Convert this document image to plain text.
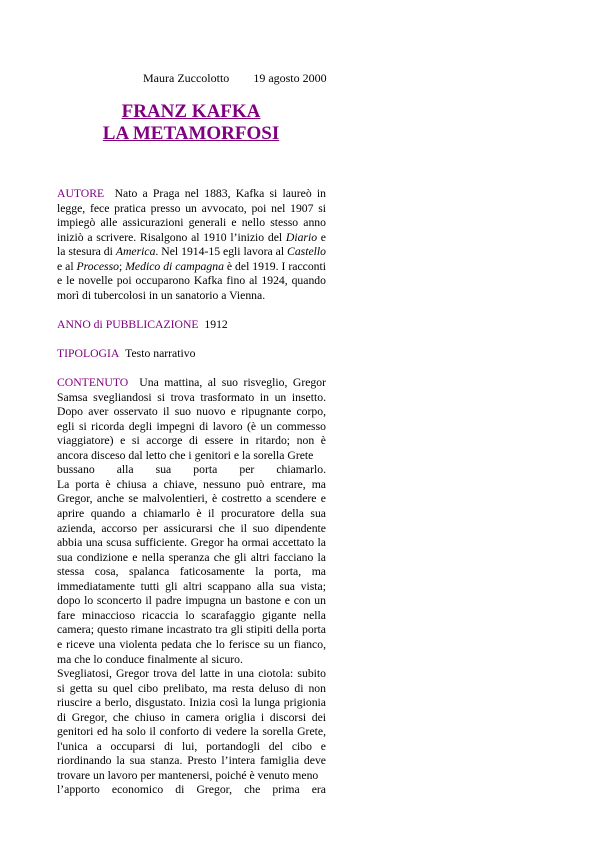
Maura Zuccolotto 19 agosto 2000
FRANZ KAFKA
LA METAMORFOSI

AUTORE Nato a Praga nel 1883, Kafka si laureò in legge, fece pratica presso un avvocato, poi nel 1907 si impiegò alle assicurazioni generali e nello stesso anno iniziò a scrivere. Risalgono al 1910 l’inizio del Diario e la stesura di America. Nel 1914-15 egli lavora al Castello e al Processo; Medico di campagna è del 1919. I racconti e le novelle poi occuparono Kafka fino al 1924, quando morì di tubercolosi in un sanatorio a Vienna.

ANNO di PUBBLICAZIONE 1912

TIPOLOGIA Testo narrativo

CONTENUTO Una mattina, al suo risveglio, Gregor Samsa svegliandosi si trova trasformato in un insetto. Dopo aver osservato il suo nuovo e ripugnante corpo, egli si ricorda degli impegni di lavoro (è un commesso viaggiatore) e si accorge di essere in ritardo; non è ancora disceso dal letto che i genitori e la sorella Grete
bussano alla sua porta per chiamarlo.
La porta è chiusa a chiave, nessuno può entrare, ma Gregor, anche se malvolentieri, è costretto a scendere e aprire quando a chiamarlo è il procuratore della sua azienda, accorso per assicurarsi che il suo dipendente abbia una scusa sufficiente. Gregor ha ormai accettato la sua condizione e nella speranza che gli altri facciano la stessa cosa, spalanca faticosamente la porta, ma immediatamente tutti gli altri scappano alla sua vista; dopo lo sconcerto il padre impugna un bastone e con un fare minaccioso ricaccia lo scarafaggio gigante nella camera; questo rimane incastrato tra gli stipiti della porta e riceve una violenta pedata che lo ferisce su un fianco, ma che lo conduce finalmente al sicuro.
Svegliatosi, Gregor trova del latte in una ciotola: subito si getta su quel cibo prelibato, ma resta deluso di non riuscire a berlo, disgustato. Inizia così la lunga prigionia di Gregor, che chiuso in camera origlia i discorsi dei genitori ed ha solo il conforto di vedere la sorella Grete, l'unica a occuparsi di lui, portandogli del cibo e riordinando la sua stanza. Presto l’intera famiglia deve trovare un lavoro per mantenersi, poiché è venuto meno
l’apporto economico di Gregor, che prima era
